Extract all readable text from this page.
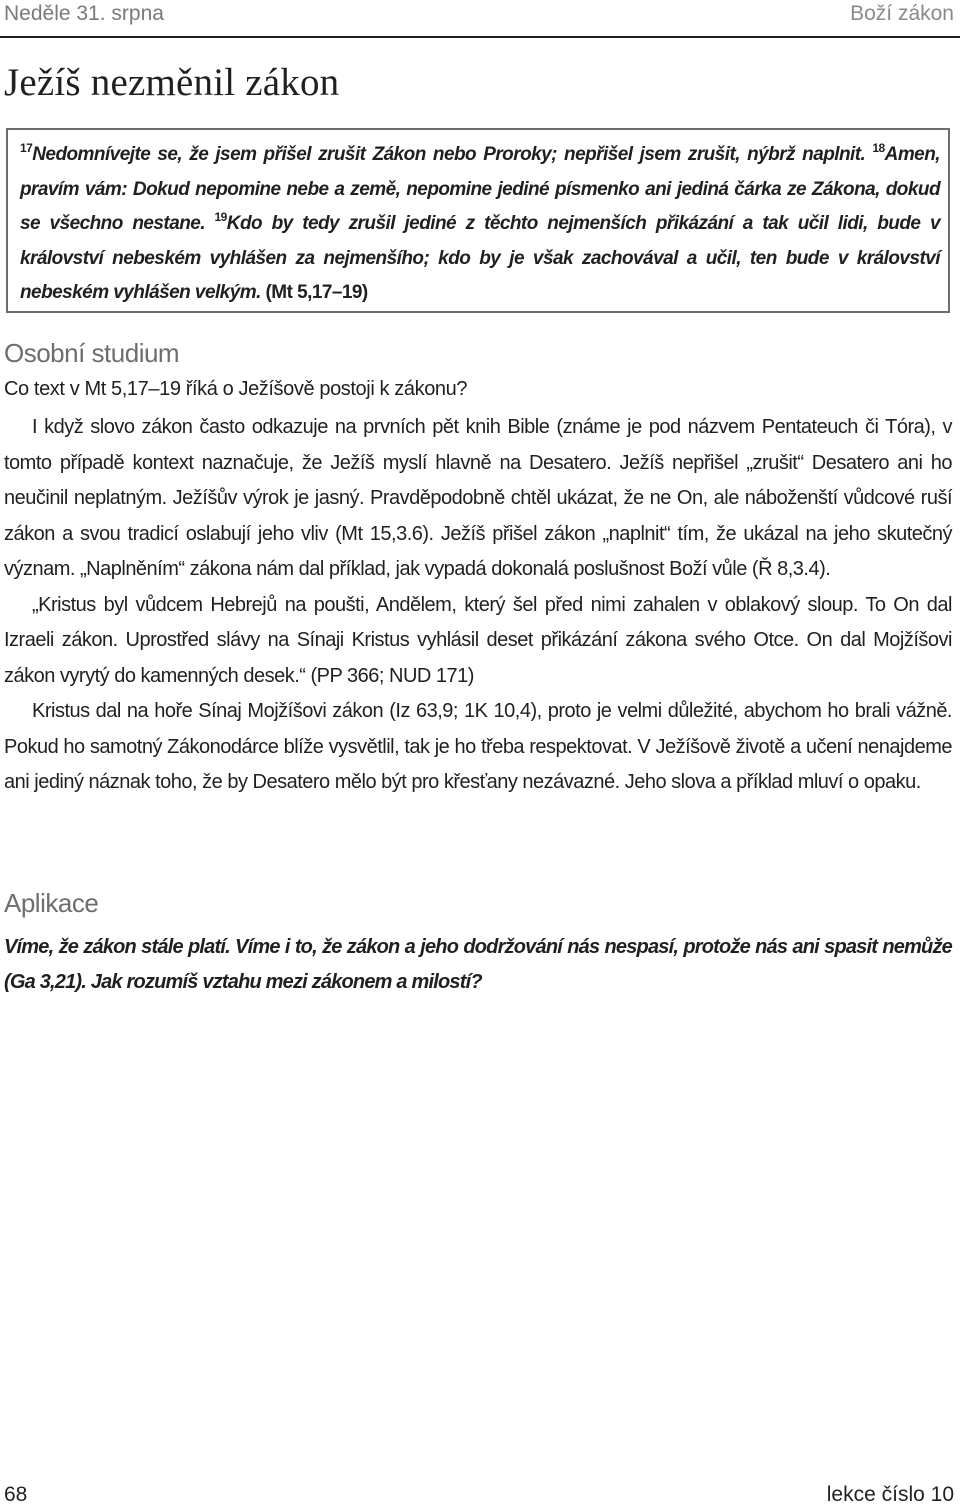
Neděle 31. srpna	Boží zákon
Ježíš nezměnil zákon
$^{17}$Nedomnívejte se, že jsem přišel zrušit Zákon nebo Proroky; nepřišel jsem zrušit, nýbrž naplnit. $^{18}$Amen, pravím vám: Dokud nepomine nebe a země, nepomine jediné písmenko ani jediná čárka ze Zákona, dokud se všechno nestane. $^{19}$Kdo by tedy zrušil jediné z těchto nejmenších přikázání a tak učil lidi, bude v království nebeském vyhlášen za nejmenšího; kdo by je však zachovával a učil, ten bude v království nebeském vyhlášen velkým. (Mt 5,17–19)
Osobní studium
Co text v Mt 5,17–19 říká o Ježíšově postoji k zákonu?

I když slovo zákon často odkazuje na prvních pět knih Bible (známe je pod názvem Pentateuch či Tóra), v tomto případě kontext naznačuje, že Ježíš myslí hlavně na Desatero. Ježíš nepřišel „zrušit“ Desatero ani ho neučinil neplatným. Ježíšův výrok je jasný. Pravděpodobně chtěl ukázat, že ne On, ale náboženští vůdcové ruší zákon a svou tradicí oslabují jeho vliv (Mt 15,3.6). Ježíš přišel zákon „naplnit“ tím, že ukázal na jeho skutečný význam. „Naplněním“ zákona nám dal příklad, jak vypadá dokonalá poslušnost Boží vůle (Ř 8,3.4).

„Kristus byl vůdcem Hebrejů na poušti, Andělem, který šel před nimi zahalen v oblakový sloup. To On dal Izraeli zákon. Uprostřed slávy na Sínaji Kristus vyhlásil deset přikázání zákona svého Otce. On dal Mojžíšovi zákon vyrytý do kamenných desek.“ (PP 366; NUD 171)

Kristus dal na hoře Sínaj Mojžíšovi zákon (Iz 63,9; 1K 10,4), proto je velmi důležité, abychom ho brali vážně. Pokud ho samotný Zákonodárce blíže vysvětlil, tak je ho třeba respektovat. V Ježíšově životě a učení nenajdeme ani jediný náznak toho, že by Desatero mělo být pro křesťany nezávazné. Jeho slova a příklad mluví o opaku.

Aplikace
Víme, že zákon stále platí. Víme i to, že zákon a jeho dodržování nás nespasí, protože nás ani spasit nemůže (Ga 3,21). Jak rozumíš vztahu mezi zákonem a milostí?
68	lekce číslo 10
